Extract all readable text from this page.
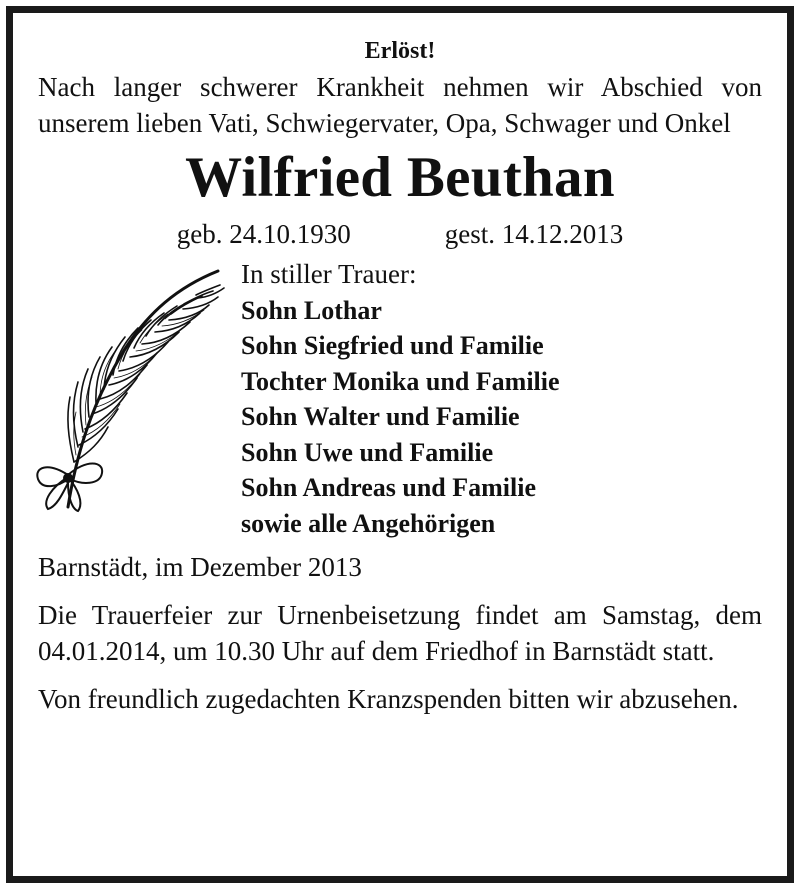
Erlöst!

Nach langer schwerer Krankheit nehmen wir Abschied von unserem lieben Vati, Schwiegervater, Opa, Schwager und Onkel

Wilfried Beuthan

geb. 24.10.1930	gest. 14.12.2013
In stiller Trauer:
Sohn Lothar
Sohn Siegfried und Familie
Tochter Monika und Familie
Sohn Walter und Familie
Sohn Uwe und Familie
Sohn Andreas und Familie
sowie alle Angehörigen

Barnstädt, im Dezember 2013

Die Trauerfeier zur Urnenbeisetzung findet am Samstag, dem 04.01.2014, um 10.30 Uhr auf dem Friedhof in Barnstädt statt.

Von freundlich zugedachten Kranzspenden bitten wir abzusehen.
